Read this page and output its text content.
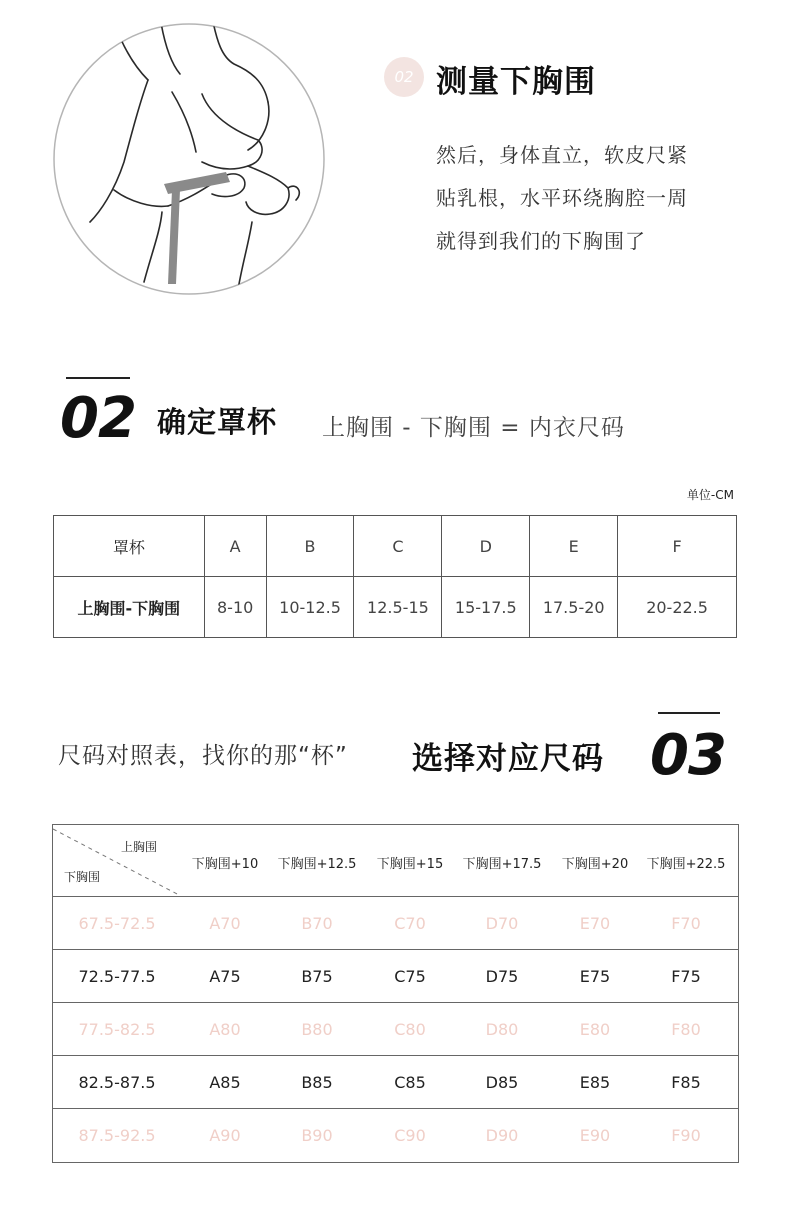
02 测量下胸围
然后，身体直立，软皮尺紧
贴乳根，水平环绕胸腔一周
就得到我们的下胸围了
02 确定罩杯 上胸围 - 下胸围 = 内衣尺码
单位-CM
罩杯	A	B	C	D	E	F
上胸围-下胸围	8-10	10-12.5	12.5-15	15-17.5	17.5-20	20-22.5
尺码对照表，找你的那“杯” 选择对应尺码 03
上胸围
下胸围
下胸围+10	下胸围+12.5	下胸围+15	下胸围+17.5	下胸围+20	下胸围+22.5
67.5-72.5	A70	B70	C70	D70	E70	F70
72.5-77.5	A75	B75	C75	D75	E75	F75
77.5-82.5	A80	B80	C80	D80	E80	F80
82.5-87.5	A85	B85	C85	D85	E85	F85
87.5-92.5	A90	B90	C90	D90	E90	F90
